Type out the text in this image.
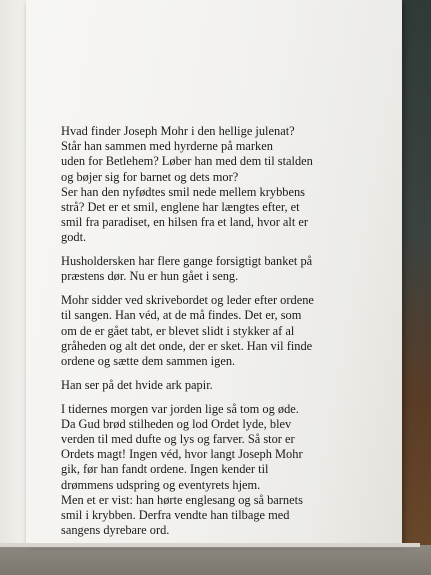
Hvad finder Joseph Mohr i den hellige julenat?
Står han sammen med hyrderne på marken
uden for Betlehem? Løber han med dem til stalden
og bøjer sig for barnet og dets mor?
Ser han den nyfødtes smil nede mellem krybbens
strå? Det er et smil, englene har længtes efter, et
smil fra paradiset, en hilsen fra et land, hvor alt er
godt.

Husholdersken har flere gange forsigtigt banket på
præstens dør. Nu er hun gået i seng.

Mohr sidder ved skrivebordet og leder efter ordene
til sangen. Han véd, at de må findes. Det er, som
om de er gået tabt, er blevet slidt i stykker af al
gråheden og alt det onde, der er sket. Han vil finde
ordene og sætte dem sammen igen.

Han ser på det hvide ark papir.

I tidernes morgen var jorden lige så tom og øde.
Da Gud brød stilheden og lod Ordet lyde, blev
verden til med dufte og lys og farver. Så stor er
Ordets magt! Ingen véd, hvor langt Joseph Mohr
gik, før han fandt ordene. Ingen kender til
drømmens udspring og eventyrets hjem.
Men et er vist: han hørte englesang og så barnets
smil i krybben. Derfra vendte han tilbage med
sangens dyrebare ord.
